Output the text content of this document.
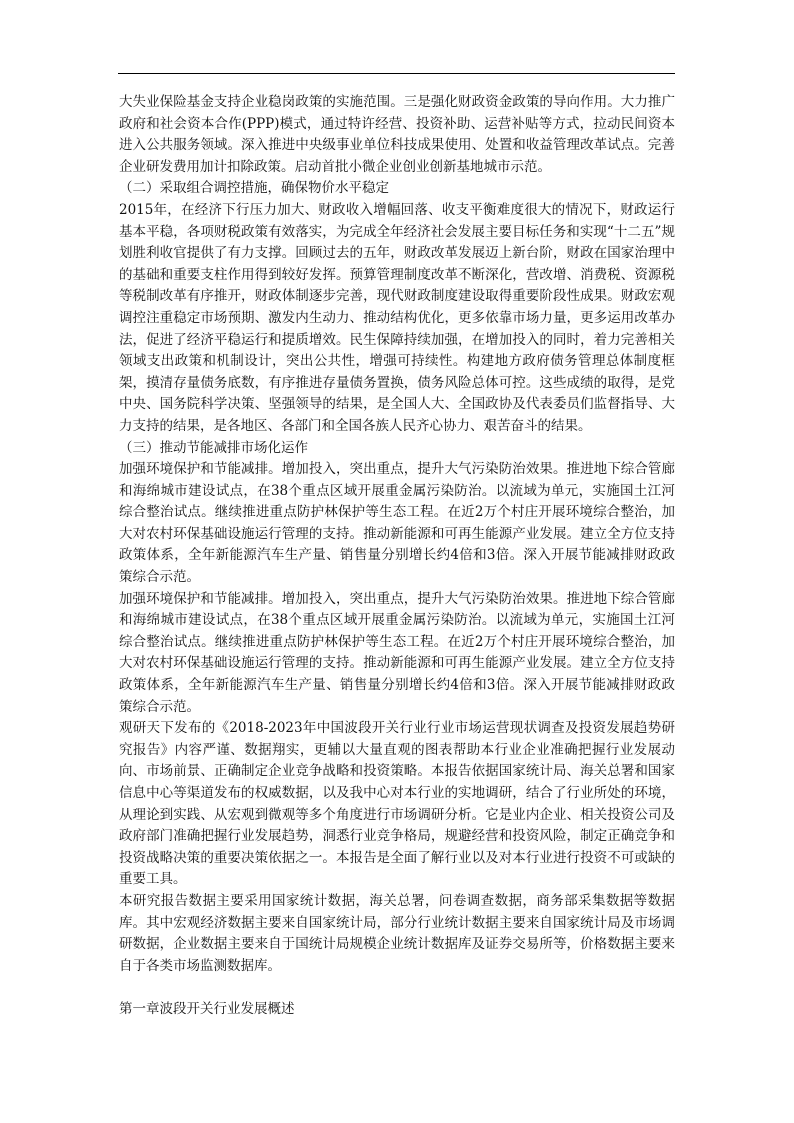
大失业保险基金支持企业稳岗政策的实施范围。三是强化财政资金政策的导向作用。大力推广政府和社会资本合作(PPP)模式，通过特许经营、投资补助、运营补贴等方式，拉动民间资本进入公共服务领域。深入推进中央级事业单位科技成果使用、处置和收益管理改革试点。完善企业研发费用加计扣除政策。启动首批小微企业创业创新基地城市示范。

（二）采取组合调控措施，确保物价水平稳定

2015年，在经济下行压力加大、财政收入增幅回落、收支平衡难度很大的情况下，财政运行基本平稳，各项财税政策有效落实，为完成全年经济社会发展主要目标任务和实现“十二五”规划胜利收官提供了有力支撑。回顾过去的五年，财政改革发展迈上新台阶，财政在国家治理中的基础和重要支柱作用得到较好发挥。预算管理制度改革不断深化，营改增、消费税、资源税等税制改革有序推开，财政体制逐步完善，现代财政制度建设取得重要阶段性成果。财政宏观调控注重稳定市场预期、激发内生动力、推动结构优化，更多依靠市场力量，更多运用改革办法，促进了经济平稳运行和提质增效。民生保障持续加强，在增加投入的同时，着力完善相关领域支出政策和机制设计，突出公共性，增强可持续性。构建地方政府债务管理总体制度框架，摸清存量债务底数，有序推进存量债务置换，债务风险总体可控。这些成绩的取得，是党中央、国务院科学决策、坚强领导的结果，是全国人大、全国政协及代表委员们监督指导、大力支持的结果，是各地区、各部门和全国各族人民齐心协力、艰苦奋斗的结果。

（三）推动节能减排市场化运作

加强环境保护和节能减排。增加投入，突出重点，提升大气污染防治效果。推进地下综合管廊和海绵城市建设试点，在38个重点区域开展重金属污染防治。以流域为单元，实施国土江河综合整治试点。继续推进重点防护林保护等生态工程。在近2万个村庄开展环境综合整治，加大对农村环保基础设施运行管理的支持。推动新能源和可再生能源产业发展。建立全方位支持政策体系，全年新能源汽车生产量、销售量分别增长约4倍和3倍。深入开展节能减排财政政策综合示范。

加强环境保护和节能减排。增加投入，突出重点，提升大气污染防治效果。推进地下综合管廊和海绵城市建设试点，在38个重点区域开展重金属污染防治。以流域为单元，实施国土江河综合整治试点。继续推进重点防护林保护等生态工程。在近2万个村庄开展环境综合整治，加大对农村环保基础设施运行管理的支持。推动新能源和可再生能源产业发展。建立全方位支持政策体系，全年新能源汽车生产量、销售量分别增长约4倍和3倍。深入开展节能减排财政政策综合示范。

观研天下发布的《2018-2023年中国波段开关行业行业市场运营现状调查及投资发展趋势研究报告》内容严谨、数据翔实，更辅以大量直观的图表帮助本行业企业准确把握行业发展动向、市场前景、正确制定企业竞争战略和投资策略。本报告依据国家统计局、海关总署和国家信息中心等渠道发布的权威数据，以及我中心对本行业的实地调研，结合了行业所处的环境，从理论到实践、从宏观到微观等多个角度进行市场调研分析。它是业内企业、相关投资公司及政府部门准确把握行业发展趋势，洞悉行业竞争格局，规避经营和投资风险，制定正确竞争和投资战略决策的重要决策依据之一。本报告是全面了解行业以及对本行业进行投资不可或缺的重要工具。

本研究报告数据主要采用国家统计数据，海关总署，问卷调查数据，商务部采集数据等数据库。其中宏观经济数据主要来自国家统计局，部分行业统计数据主要来自国家统计局及市场调研数据，企业数据主要来自于国统计局规模企业统计数据库及证券交易所等，价格数据主要来自于各类市场监测数据库。

第一章波段开关行业发展概述
